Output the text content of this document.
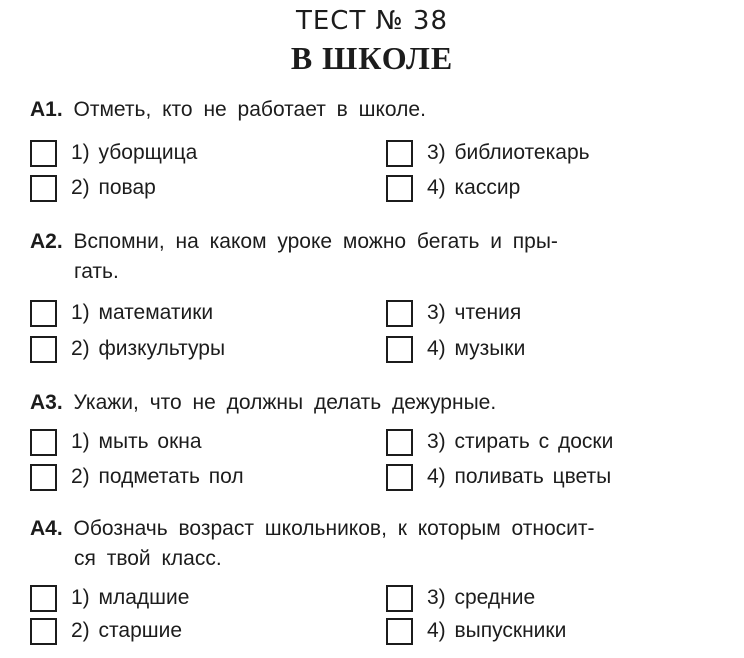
ТЕСТ № 38
В ШКОЛЕ
А1. Отметь, кто не работает в школе.
1) уборщица
2) повар
3) библиотекарь
4) кассир
А2. Вспомни, на каком уроке можно бегать и пры-
гать.
1) математики
2) физкультуры
3) чтения
4) музыки
А3. Укажи, что не должны делать дежурные.
1) мыть окна
2) подметать пол
3) стирать с доски
4) поливать цветы
А4. Обозначь возраст школьников, к которым относит-
ся твой класс.
1) младшие
2) старшие
3) средние
4) выпускники
